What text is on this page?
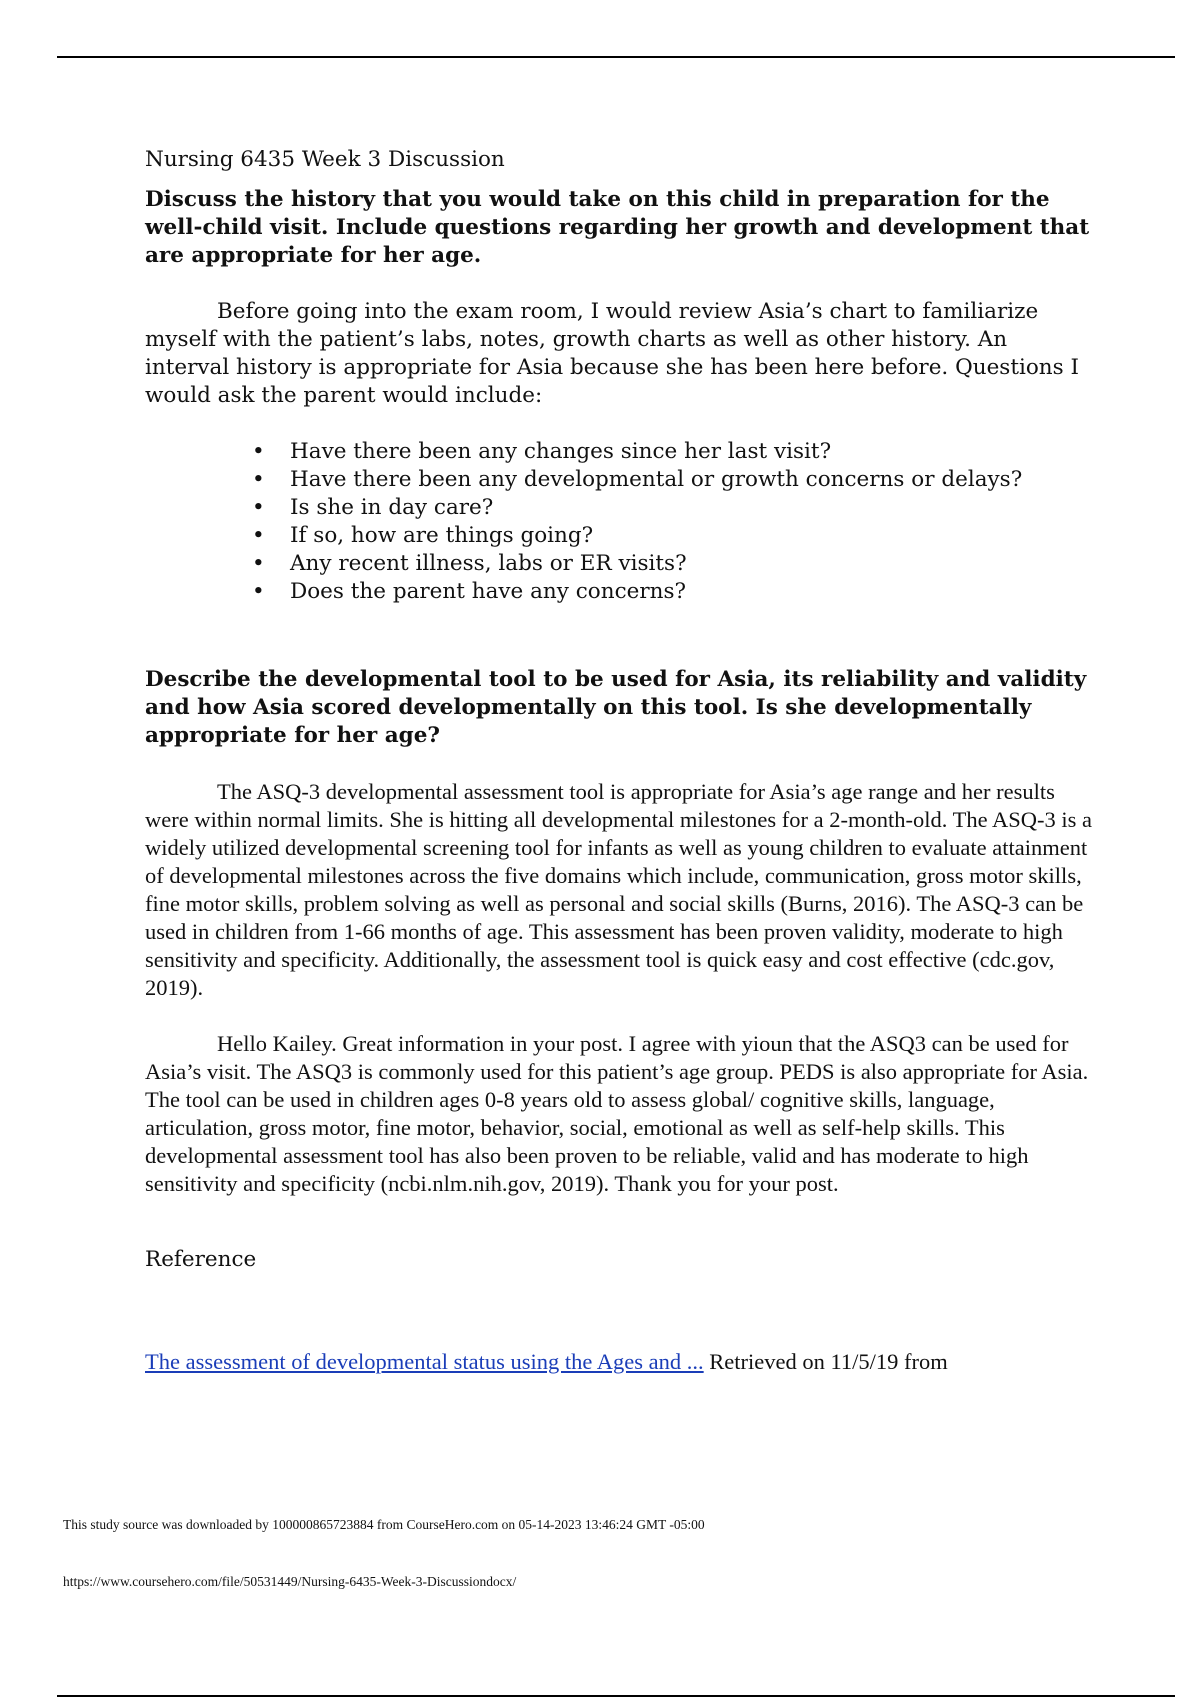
Nursing 6435 Week 3 Discussion
Discuss the history that you would take on this child in preparation for the well-child visit. Include questions regarding her growth and development that are appropriate for her age.
Before going into the exam room, I would review Asia’s chart to familiarize myself with the patient’s labs, notes, growth charts as well as other history. An interval history is appropriate for Asia because she has been here before. Questions I would ask the parent would include:
• Have there been any changes since her last visit?
• Have there been any developmental or growth concerns or delays?
• Is she in day care?
• If so, how are things going?
• Any recent illness, labs or ER visits?
• Does the parent have any concerns?
Describe the developmental tool to be used for Asia, its reliability and validity and how Asia scored developmentally on this tool. Is she developmentally appropriate for her age?
The ASQ-3 developmental assessment tool is appropriate for Asia’s age range and her results were within normal limits. She is hitting all developmental milestones for a 2-month-old. The ASQ-3 is a widely utilized developmental screening tool for infants as well as young children to evaluate attainment of developmental milestones across the five domains which include, communication, gross motor skills, fine motor skills, problem solving as well as personal and social skills (Burns, 2016). The ASQ-3 can be used in children from 1-66 months of age. This assessment has been proven validity, moderate to high sensitivity and specificity. Additionally, the assessment tool is quick easy and cost effective (cdc.gov, 2019).
Hello Kailey. Great information in your post. I agree with yioun that the ASQ3 can be used for Asia’s visit. The ASQ3 is commonly used for this patient’s age group. PEDS is also appropriate for Asia. The tool can be used in children ages 0-8 years old to assess global/ cognitive skills, language, articulation, gross motor, fine motor, behavior, social, emotional as well as self-help skills. This developmental assessment tool has also been proven to be reliable, valid and has moderate to high sensitivity and specificity (ncbi.nlm.nih.gov, 2019). Thank you for your post.
Reference
The assessment of developmental status using the Ages and ... Retrieved on 11/5/19 from
This study source was downloaded by 100000865723884 from CourseHero.com on 05-14-2023 13:46:24 GMT -05:00
https://www.coursehero.com/file/50531449/Nursing-6435-Week-3-Discussiondocx/
